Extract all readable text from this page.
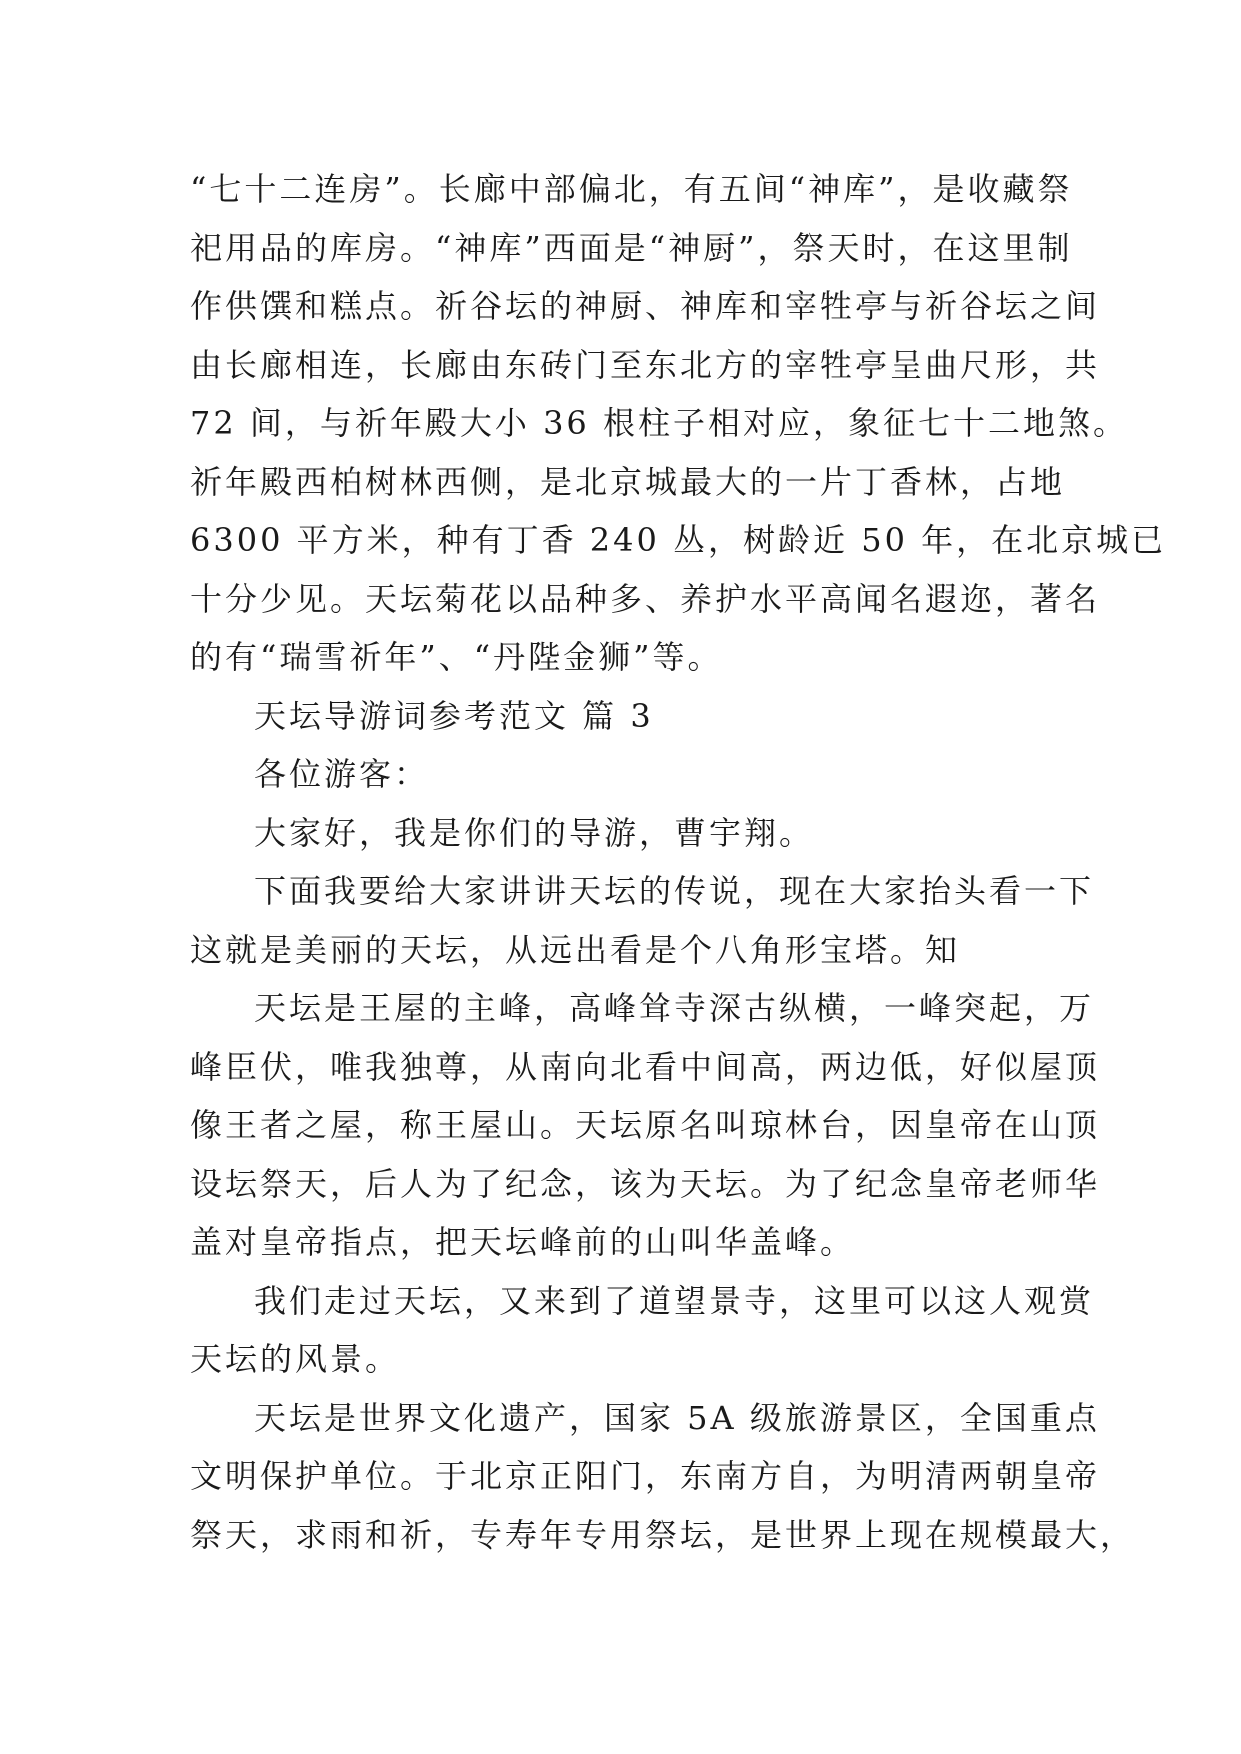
“七十二连房”。长廊中部偏北，有五间“神库”，是收藏祭
祀用品的库房。“神库”西面是“神厨”，祭天时，在这里制
作供馔和糕点。祈谷坛的神厨、神库和宰牲亭与祈谷坛之间
由长廊相连，长廊由东砖门至东北方的宰牲亭呈曲尺形，共
72 间，与祈年殿大小 36 根柱子相对应，象征七十二地煞。
祈年殿西柏树林西侧，是北京城最大的一片丁香林，占地
6300 平方米，种有丁香 240 丛，树龄近 50 年，在北京城已
十分少见。天坛菊花以品种多、养护水平高闻名遐迩，著名
的有“瑞雪祈年”、“丹陛金狮”等。
天坛导游词参考范文 篇 3
各位游客：
大家好，我是你们的导游，曹宇翔。
下面我要给大家讲讲天坛的传说，现在大家抬头看一下
这就是美丽的天坛，从远出看是个八角形宝塔。知
天坛是王屋的主峰，高峰耸寺深古纵横，一峰突起，万
峰臣伏，唯我独尊，从南向北看中间高，两边低，好似屋顶
像王者之屋，称王屋山。天坛原名叫琼林台，因皇帝在山顶
设坛祭天，后人为了纪念，该为天坛。为了纪念皇帝老师华
盖对皇帝指点，把天坛峰前的山叫华盖峰。
我们走过天坛，又来到了道望景寺，这里可以这人观赏
天坛的风景。
天坛是世界文化遗产，国家 5A 级旅游景区，全国重点
文明保护单位。于北京正阳门，东南方自，为明清两朝皇帝
祭天，求雨和祈，专寿年专用祭坛，是世界上现在规模最大，
